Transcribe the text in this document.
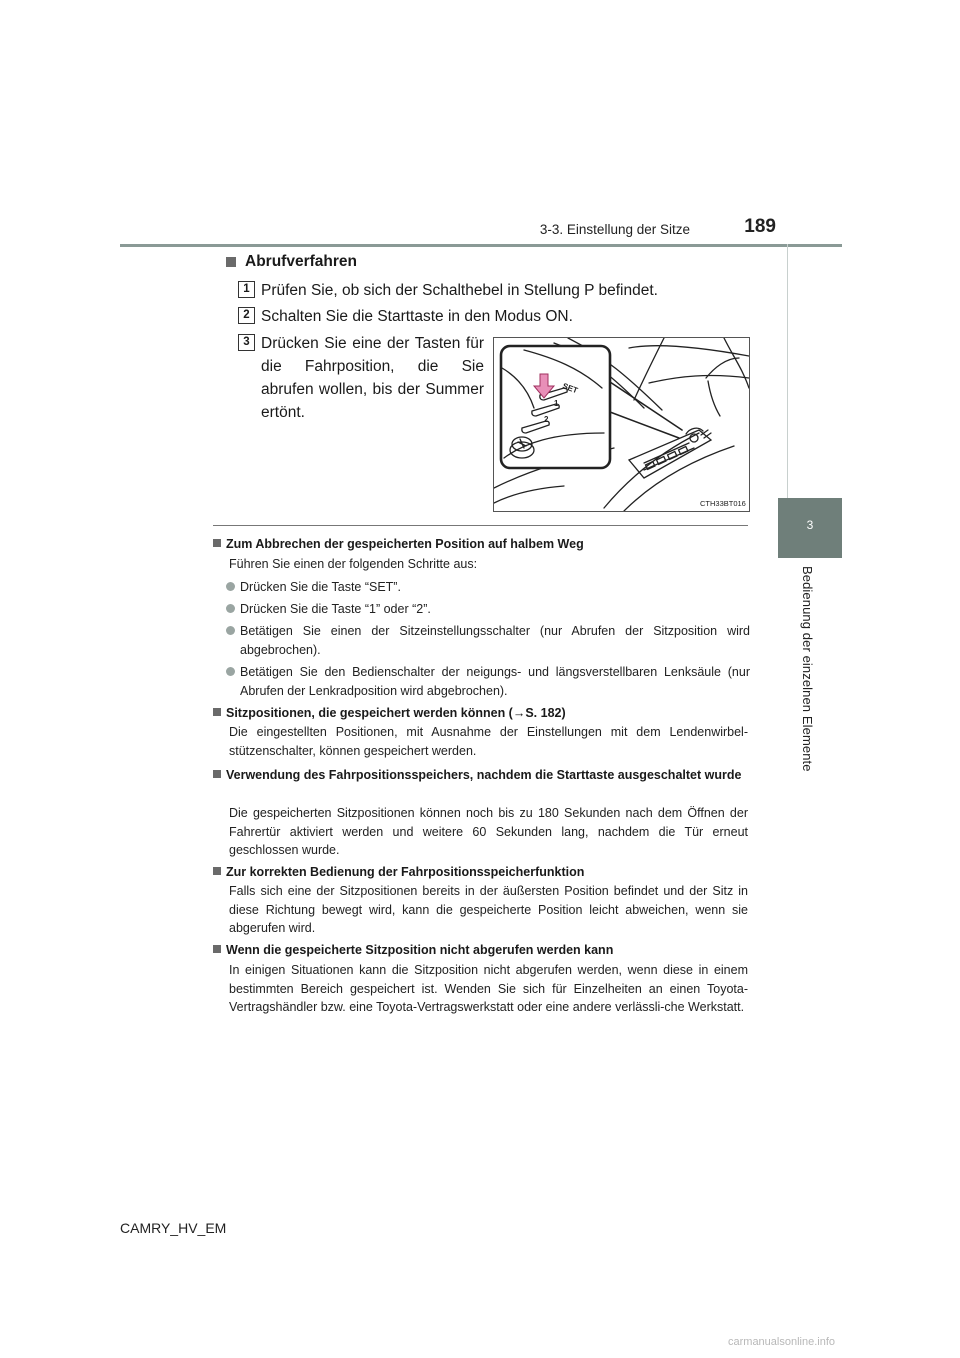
3-3. Einstellung der Sitze	189
3
Bedienung der einzelnen Elemente
Abrufverfahren
1 Prüfen Sie, ob sich der Schalthebel in Stellung P befindet.
2 Schalten Sie die Starttaste in den Modus ON.
3 Drücken Sie eine der Tasten für die Fahrposition, die Sie abrufen wollen, bis der Summer ertönt.
SET
1
2
CTH33BT016
Zum Abbrechen der gespeicherten Position auf halbem Weg
Führen Sie einen der folgenden Schritte aus:
Drücken Sie die Taste “SET”.
Drücken Sie die Taste “1” oder “2”.
Betätigen Sie einen der Sitzeinstellungsschalter (nur Abrufen der Sitzposition wird abgebrochen).
Betätigen Sie den Bedienschalter der neigungs- und längsverstellbaren Lenksäule (nur Abrufen der Lenkradposition wird abgebrochen).
Sitzpositionen, die gespeichert werden können (→S. 182)
Die eingestellten Positionen, mit Ausnahme der Einstellungen mit dem Lendenwirbel-stützenschalter, können gespeichert werden.
Verwendung des Fahrpositionsspeichers, nachdem die Starttaste ausgeschaltet wurde
Die gespeicherten Sitzpositionen können noch bis zu 180 Sekunden nach dem Öffnen der Fahrertür aktiviert werden und weitere 60 Sekunden lang, nachdem die Tür erneut geschlossen wurde.
Zur korrekten Bedienung der Fahrpositionsspeicherfunktion
Falls sich eine der Sitzpositionen bereits in der äußersten Position befindet und der Sitz in diese Richtung bewegt wird, kann die gespeicherte Position leicht abweichen, wenn sie abgerufen wird.
Wenn die gespeicherte Sitzposition nicht abgerufen werden kann
In einigen Situationen kann die Sitzposition nicht abgerufen werden, wenn diese in einem bestimmten Bereich gespeichert ist. Wenden Sie sich für Einzelheiten an einen Toyota-Vertragshändler bzw. eine Toyota-Vertragswerkstatt oder eine andere verlässli-che Werkstatt.
CAMRY_HV_EM
carmanualsonline.info
